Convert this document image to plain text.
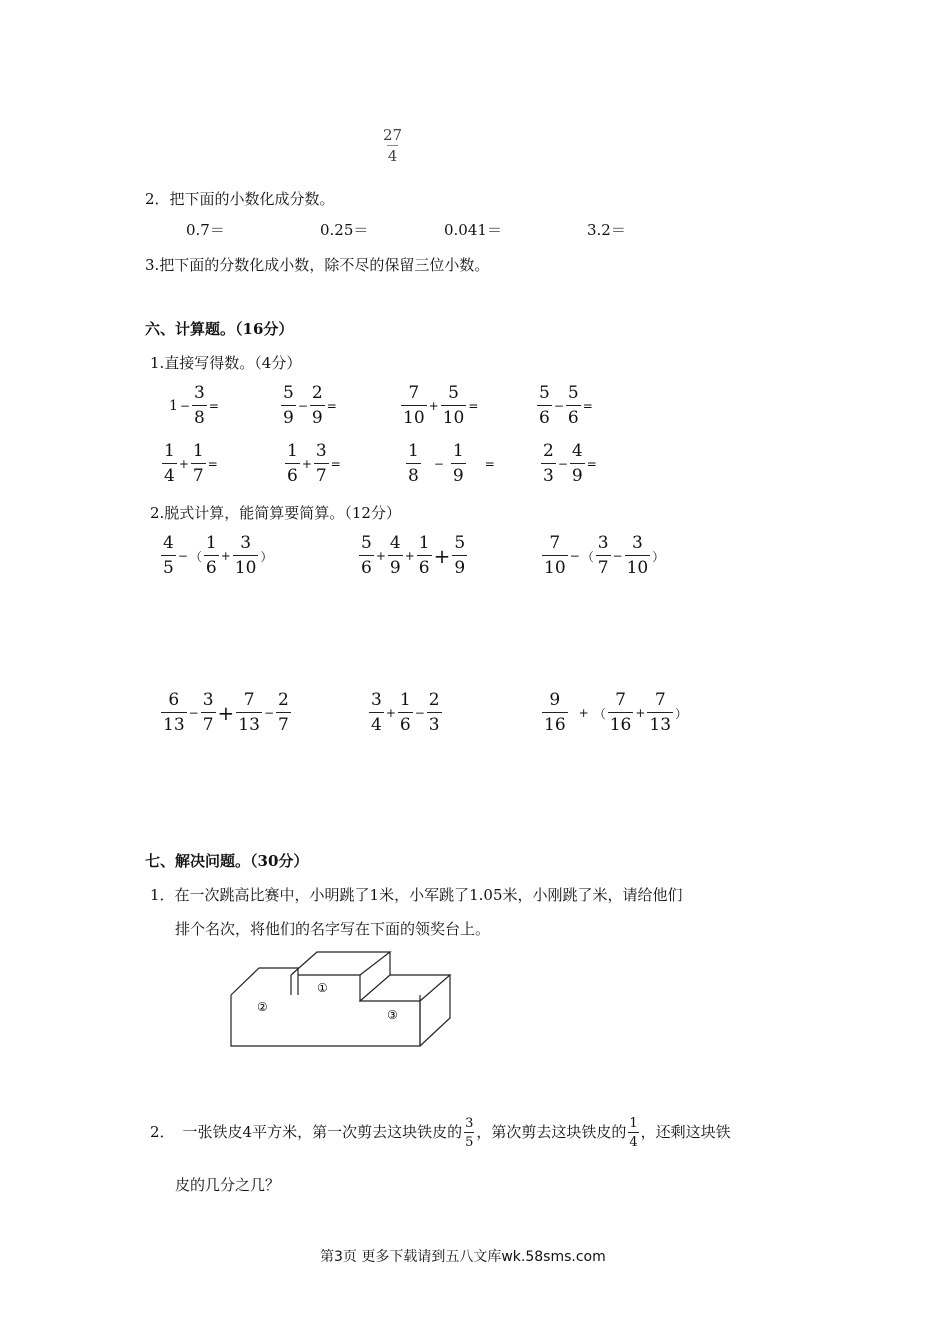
$\frac{27}{4}$
2．把下面的小数化成分数。
0.7＝	0.25＝	0.041＝	3.2＝
3.把下面的分数化成小数，除不尽的保留三位小数。
六、计算题。（16分）
1.直接写得数。（4分）
$1 - \frac{3}{8}$ =	$\frac{5}{9} - \frac{2}{9}$ =	$\frac{7}{10} + \frac{5}{10}$ =	$\frac{5}{6} - \frac{5}{6}$ =
$\frac{1}{4} + \frac{1}{7}$ =	$\frac{1}{6} + \frac{3}{7}$ =	$\frac{1}{8} - \frac{1}{9}$ =	$\frac{2}{3} - \frac{4}{9}$ =
2.脱式计算，能简算要简算。（12分）
$\frac{4}{5}$ − （ $\frac{1}{6} + \frac{3}{10}$ ）	$\frac{5}{6} + \frac{4}{9} + \frac{1}{6} + \frac{5}{9}$	$\frac{7}{10}$ − （ $\frac{3}{7} - \frac{3}{10}$ ）
$\frac{6}{13} - \frac{3}{7} + \frac{7}{13} - \frac{2}{7}$	$\frac{3}{4} + \frac{1}{6} - \frac{2}{3}$	$\frac{9}{16}$ + （ $\frac{7}{16} + \frac{7}{13}$ ）
七、解决问题。（30分）
1．在一次跳高比赛中，小明跳了1米，小军跳了1.05米，小刚跳了米，请给他们
排个名次，将他们的名字写在下面的领奖台上。
①
②
③
2． 一张铁皮4平方米，第一次剪去这块铁皮的 $\frac{3}{5}$ ，第次剪去这块铁皮的 $\frac{1}{4}$ ，还剩这块铁
皮的几分之几？
第3页 更多下载请到五八文库wk.58sms.com
